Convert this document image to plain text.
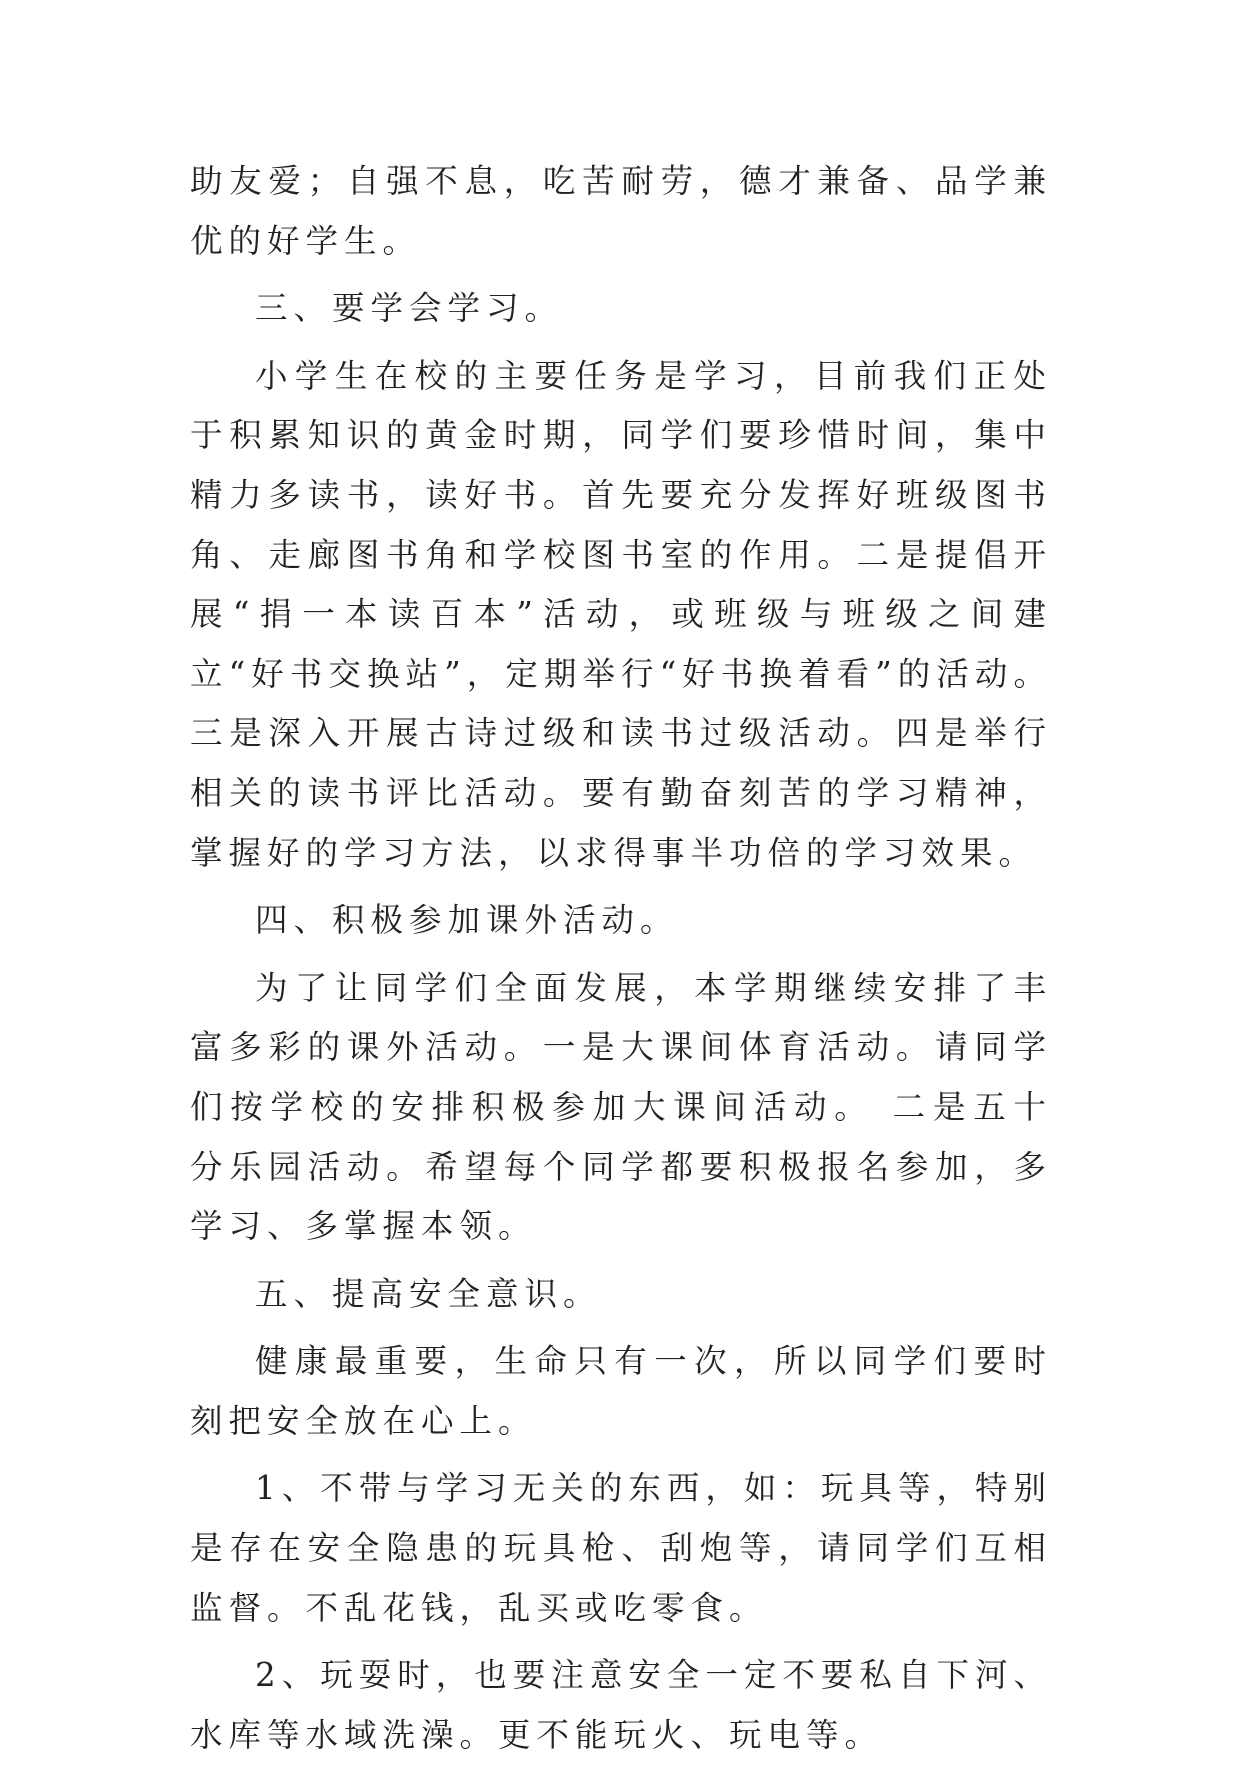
助友爱；自强不息，吃苦耐劳，德才兼备、品学兼优的好学生。

三、要学会学习。

小学生在校的主要任务是学习，目前我们正处于积累知识的黄金时期，同学们要珍惜时间，集中精力多读书，读好书。首先要充分发挥好班级图书角、走廊图书角和学校图书室的作用。二是提倡开展“捐一本读百本”活动，或班级与班级之间建立“好书交换站”，定期举行“好书换着看”的活动。三是深入开展古诗过级和读书过级活动。四是举行相关的读书评比活动。要有勤奋刻苦的学习精神，掌握好的学习方法，以求得事半功倍的学习效果。

四、积极参加课外活动。

为了让同学们全面发展，本学期继续安排了丰富多彩的课外活动。一是大课间体育活动。请同学们按学校的安排积极参加大课间活动。 二是五十分乐园活动。希望每个同学都要积极报名参加，多学习、多掌握本领。

五、提高安全意识。

健康最重要，生命只有一次，所以同学们要时刻把安全放在心上。

1、不带与学习无关的东西，如：玩具等，特别是存在安全隐患的玩具枪、刮炮等，请同学们互相监督。不乱花钱，乱买或吃零食。

2、玩耍时，也要注意安全一定不要私自下河、水库等水域洗澡。更不能玩火、玩电等。
